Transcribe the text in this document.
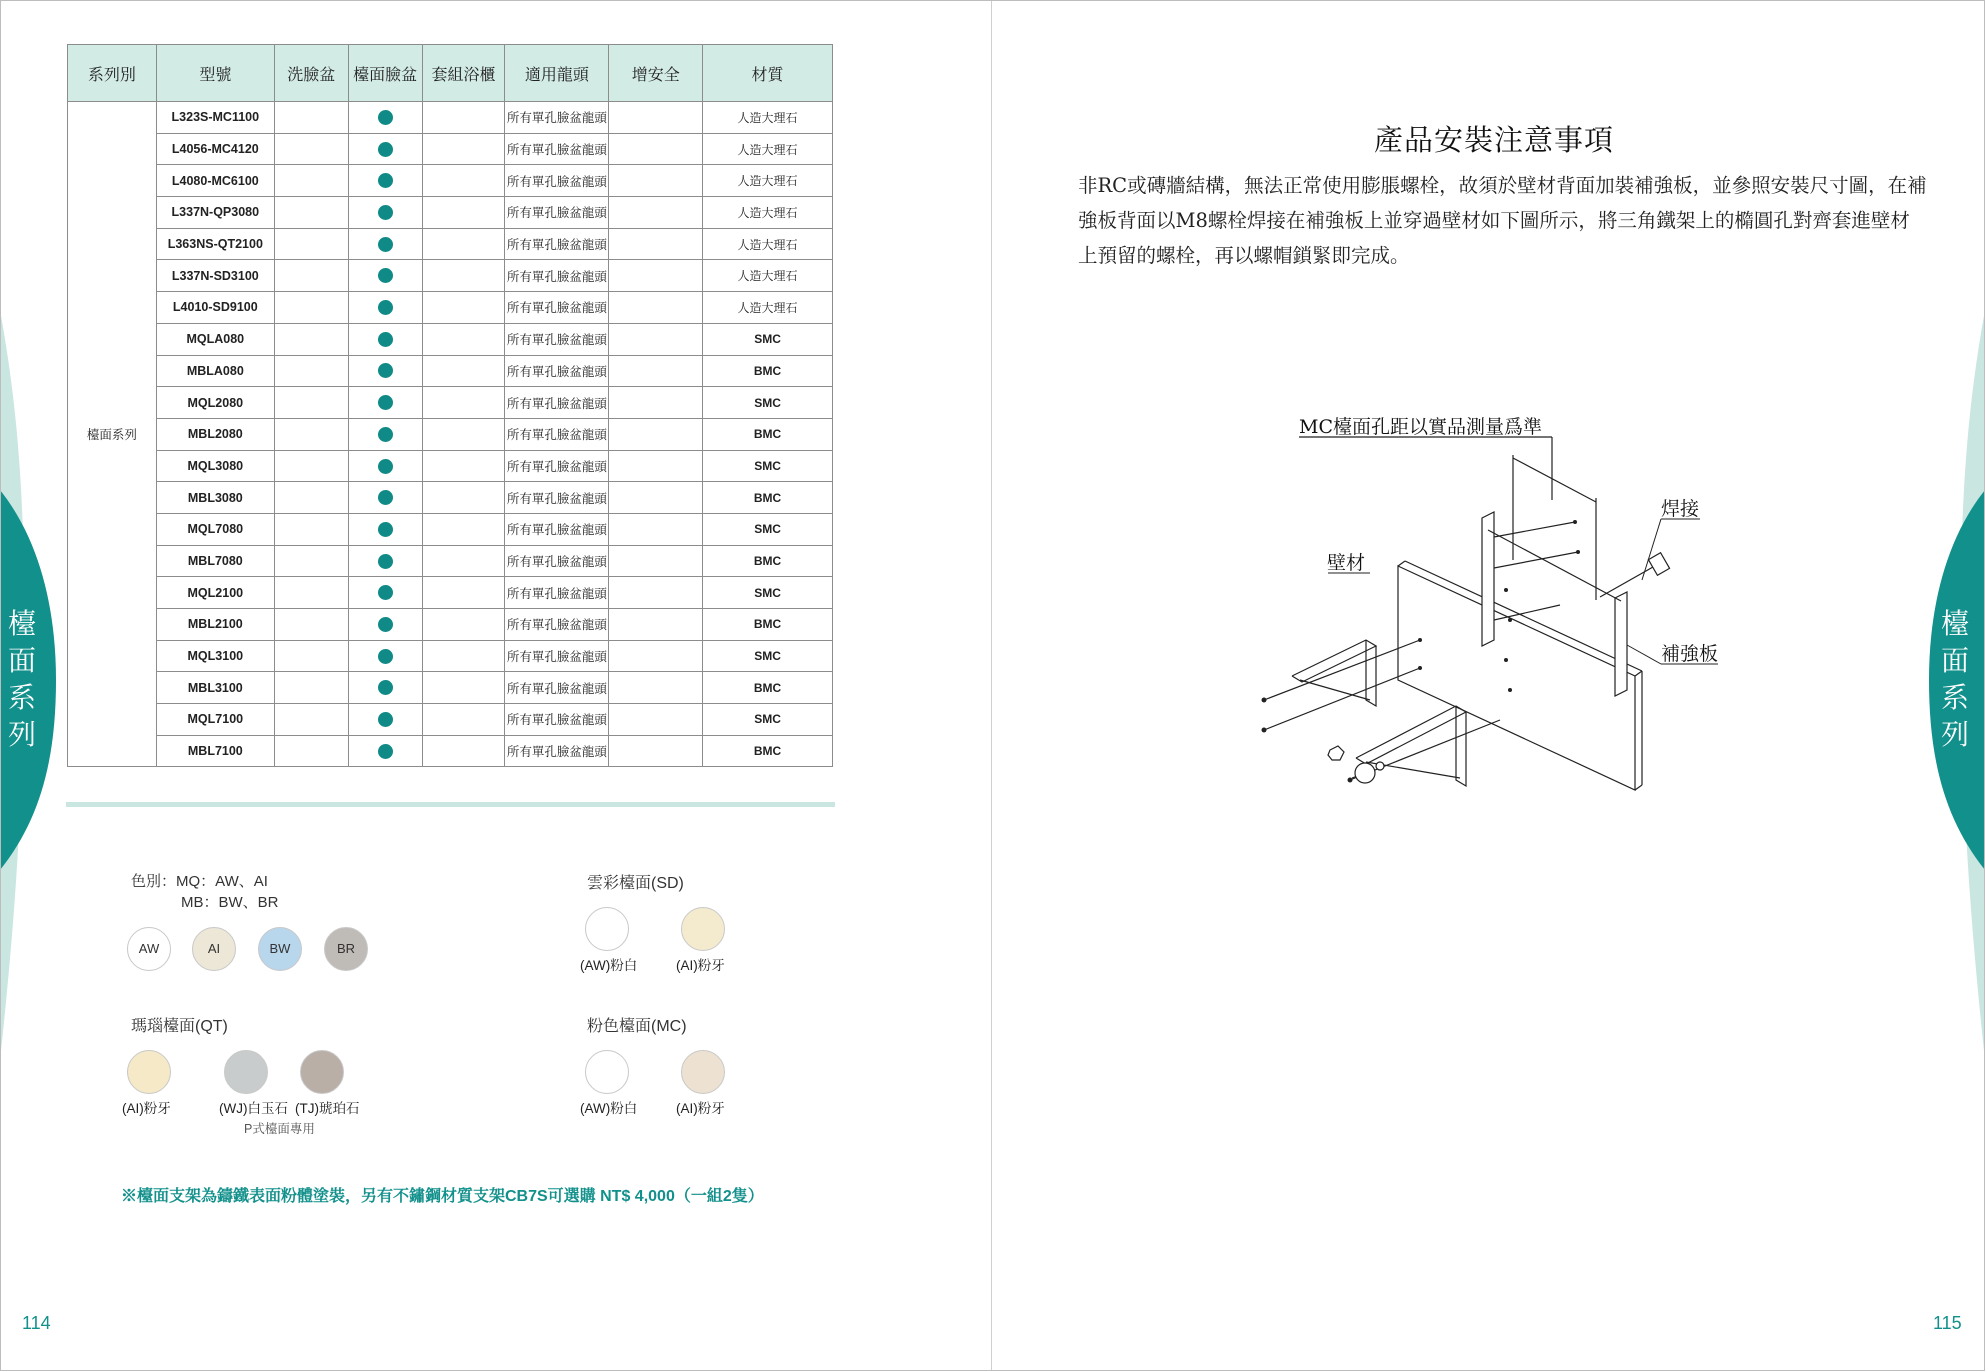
檯
面
系
列
系列別	型號	洗臉盆	檯面臉盆	套組浴櫃	適用龍頭	增安全	材質
檯面系列	L323S-MC1100				所有單孔臉盆龍頭		人造大理石
	L4056-MC4120				所有單孔臉盆龍頭		人造大理石
	L4080-MC6100				所有單孔臉盆龍頭		人造大理石
	L337N-QP3080				所有單孔臉盆龍頭		人造大理石
	L363NS-QT2100				所有單孔臉盆龍頭		人造大理石
	L337N-SD3100				所有單孔臉盆龍頭		人造大理石
	L4010-SD9100				所有單孔臉盆龍頭		人造大理石
	MQLA080				所有單孔臉盆龍頭		SMC
	MBLA080				所有單孔臉盆龍頭		BMC
	MQL2080				所有單孔臉盆龍頭		SMC
	MBL2080				所有單孔臉盆龍頭		BMC
	MQL3080				所有單孔臉盆龍頭		SMC
	MBL3080				所有單孔臉盆龍頭		BMC
	MQL7080				所有單孔臉盆龍頭		SMC
	MBL7080				所有單孔臉盆龍頭		BMC
	MQL2100				所有單孔臉盆龍頭		SMC
	MBL2100				所有單孔臉盆龍頭		BMC
	MQL3100				所有單孔臉盆龍頭		SMC
	MBL3100				所有單孔臉盆龍頭		BMC
	MQL7100				所有單孔臉盆龍頭		SMC
	MBL7100				所有單孔臉盆龍頭		BMC
色別：MQ：AW、AI
MB：BW、BR
AW	AI	BW	BR
雲彩檯面(SD)
(AW)粉白	(AI)粉牙
瑪瑙檯面(QT)
(AI)粉牙	(WJ)白玉石 (TJ)琥珀石
P式檯面專用
粉色檯面(MC)
(AW)粉白	(AI)粉牙
※檯面支架為鑄鐵表面粉體塗裝，另有不鏽鋼材質支架CB7S可選購 NT$ 4,000（一組2隻）
114
檯
面
系
列
115
產品安裝注意事項
非RC或磚牆結構，無法正常使用膨脹螺栓，故須於壁材背面加裝補強板，並參照安裝尺寸圖，在補強板背面以M8螺栓焊接在補強板上並穿過壁材如下圖所示，將三角鐵架上的橢圓孔對齊套進壁材上預留的螺栓，再以螺帽鎖緊即完成。
MC檯面孔距以實品測量爲準
焊接
壁材
補強板
